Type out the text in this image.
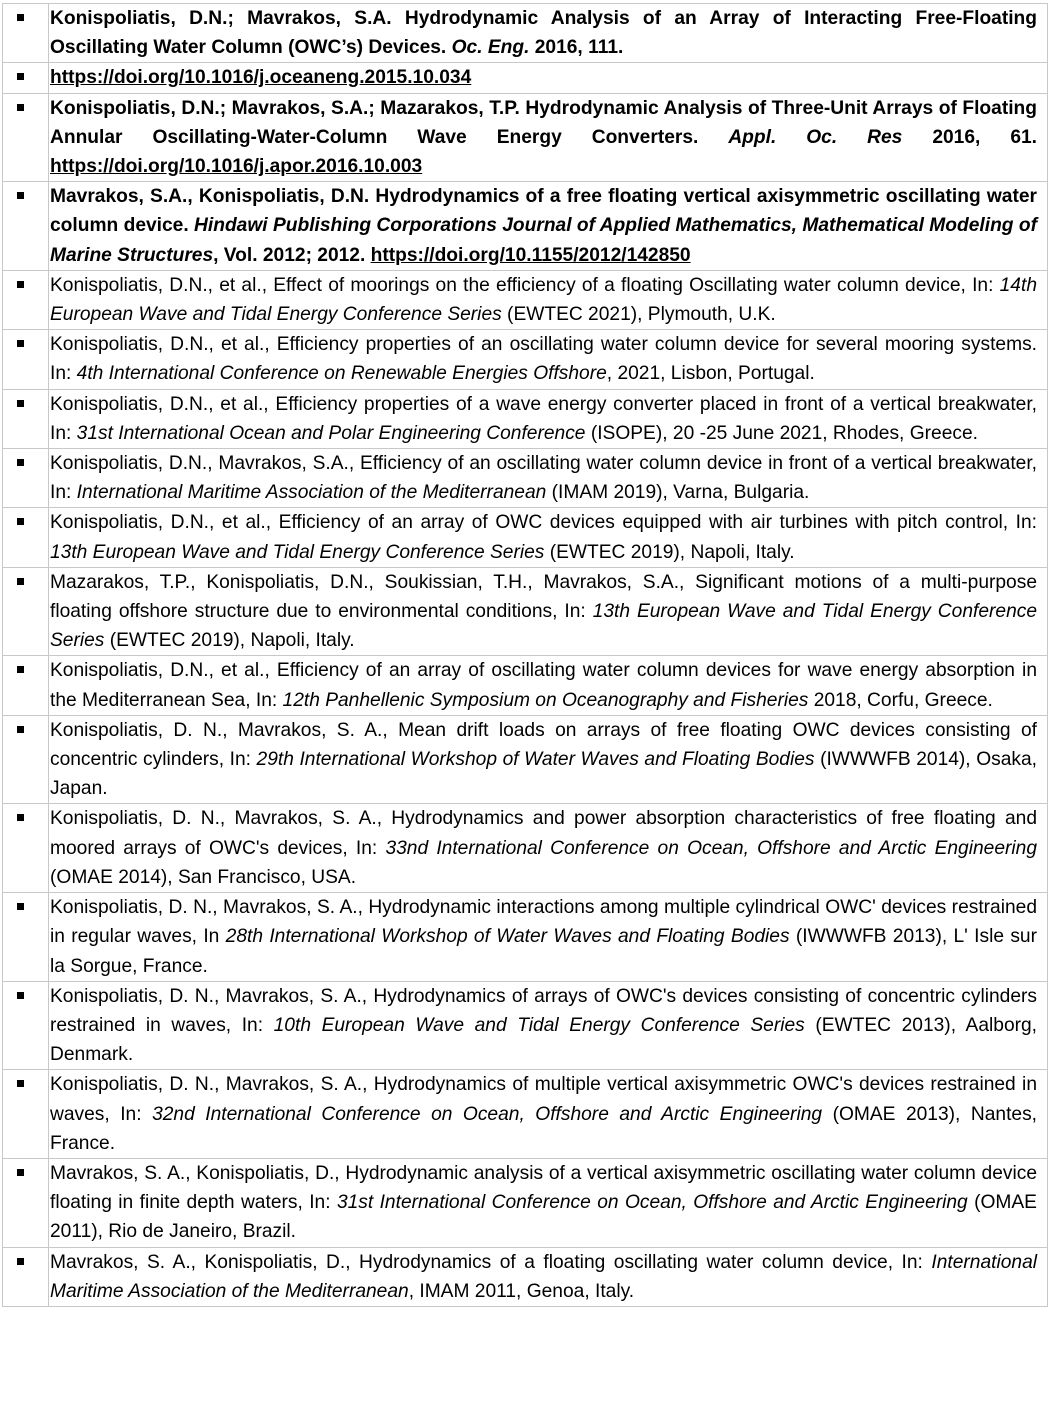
	Konispoliatis, D.N.; Mavrakos, S.A. Hydrodynamic Analysis of an Array of Interacting Free-Floating Oscillating Water Column (OWC’s) Devices. Oc. Eng. 2016, 111.

	https://doi.org/10.1016/j.oceaneng.2015.10.034

	Konispoliatis, D.N.; Mavrakos, S.A.; Mazarakos, T.P. Hydrodynamic Analysis of Three-Unit Arrays of Floating Annular Oscillating-Water-Column Wave Energy Converters. Appl. Oc. Res 2016, 61. https://doi.org/10.1016/j.apor.2016.10.003

	Mavrakos, S.A., Konispoliatis, D.N. Hydrodynamics of a free floating vertical axisymmetric oscillating water column device. Hindawi Publishing Corporations Journal of Applied Mathematics, Mathematical Modeling of Marine Structures, Vol. 2012; 2012. https://doi.org/10.1155/2012/142850

	Konispoliatis, D.N., et al., Effect of moorings on the efficiency of a floating Oscillating water column device, In: 14th European Wave and Tidal Energy Conference Series (EWTEC 2021), Plymouth, U.K.

	Konispoliatis, D.N., et al., Efficiency properties of an oscillating water column device for several mooring systems. In: 4th International Conference on Renewable Energies Offshore, 2021, Lisbon, Portugal.

	Konispoliatis, D.N., et al., Efficiency properties of a wave energy converter placed in front of a vertical breakwater, In: 31st International Ocean and Polar Engineering Conference (ISOPE), 20 -25 June 2021, Rhodes, Greece.

	Konispoliatis, D.N., Mavrakos, S.A., Efficiency of an oscillating water column device in front of a vertical breakwater, In: International Maritime Association of the Mediterranean (IMAM 2019), Varna, Bulgaria.

	Konispoliatis, D.N., et al., Efficiency of an array of OWC devices equipped with air turbines with pitch control, In: 13th European Wave and Tidal Energy Conference Series (EWTEC 2019), Napoli, Italy.

	Mazarakos, T.P., Konispoliatis, D.N., Soukissian, T.H., Mavrakos, S.A., Significant motions of a multi-purpose floating offshore structure due to environmental conditions, In: 13th European Wave and Tidal Energy Conference Series (EWTEC 2019), Napoli, Italy.

	Konispoliatis, D.N., et al., Efficiency of an array of oscillating water column devices for wave energy absorption in the Mediterranean Sea, In: 12th Panhellenic Symposium on Oceanography and Fisheries 2018, Corfu, Greece.

	Konispoliatis, D. N., Mavrakos, S. A., Mean drift loads on arrays of free floating OWC devices consisting of concentric cylinders, In: 29th International Workshop of Water Waves and Floating Bodies (IWWWFB 2014), Osaka, Japan.

	Konispoliatis, D. N., Mavrakos, S. A., Hydrodynamics and power absorption characteristics of free floating and moored arrays of OWC's devices, In: 33nd International Conference on Ocean, Offshore and Arctic Engineering (OMAE 2014), San Francisco, USA.

	Konispoliatis, D. N., Mavrakos, S. A., Hydrodynamic interactions among multiple cylindrical OWC' devices restrained in regular waves, In 28th International Workshop of Water Waves and Floating Bodies (IWWWFB 2013), L' Isle sur la Sorgue, France.

	Konispoliatis, D. N., Mavrakos, S. A., Hydrodynamics of arrays of OWC's devices consisting of concentric cylinders restrained in waves, In: 10th European Wave and Tidal Energy Conference Series (EWTEC 2013), Aalborg, Denmark.

	Konispoliatis, D. N., Mavrakos, S. A., Hydrodynamics of multiple vertical axisymmetric OWC's devices restrained in waves, In: 32nd International Conference on Ocean, Offshore and Arctic Engineering (OMAE 2013), Nantes, France.

	Mavrakos, S. A., Konispoliatis, D., Hydrodynamic analysis of a vertical axisymmetric oscillating water column device floating in finite depth waters, In: 31st International Conference on Ocean, Offshore and Arctic Engineering (OMAE 2011), Rio de Janeiro, Brazil.

	Mavrakos, S. A., Konispoliatis, D., Hydrodynamics of a floating oscillating water column device, In: International Maritime Association of the Mediterranean, IMAM 2011, Genoa, Italy.
